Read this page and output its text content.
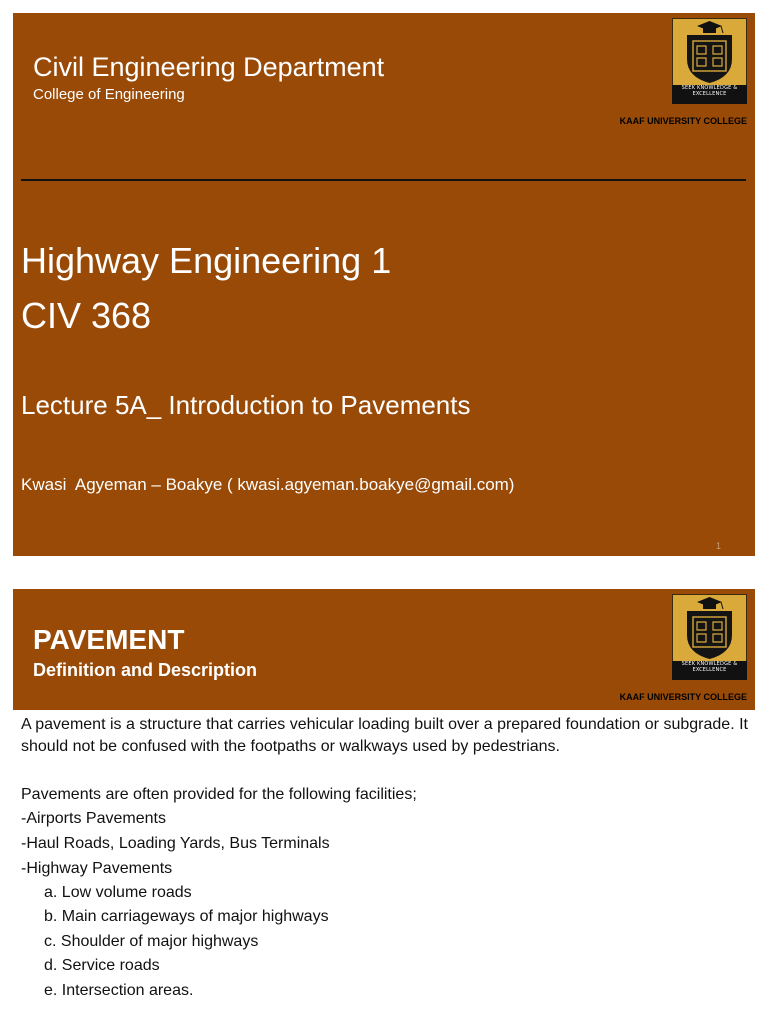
Civil Engineering Department
College of Engineering	SEEK KNOWLEDGE & EXCELLENCE
KAAF UNIVERSITY COLLEGE
Highway Engineering 1
CIV 368
Lecture 5A_ Introduction to Pavements
Kwasi  Agyeman – Boakye ( kwasi.agyeman.boakye@gmail.com)
1
PAVEMENT
Definition and Description	SEEK KNOWLEDGE & EXCELLENCE
KAAF UNIVERSITY COLLEGE
A pavement is a structure that carries vehicular loading built over a prepared foundation or subgrade. It should not be confused with the footpaths or walkways used by pedestrians.
Pavements are often provided for the following facilities;
-Airports Pavements
-Haul Roads, Loading Yards, Bus Terminals
-Highway Pavements
a. Low volume roads
b. Main carriageways of major highways
c. Shoulder of major highways
d. Service roads
e. Intersection areas.
